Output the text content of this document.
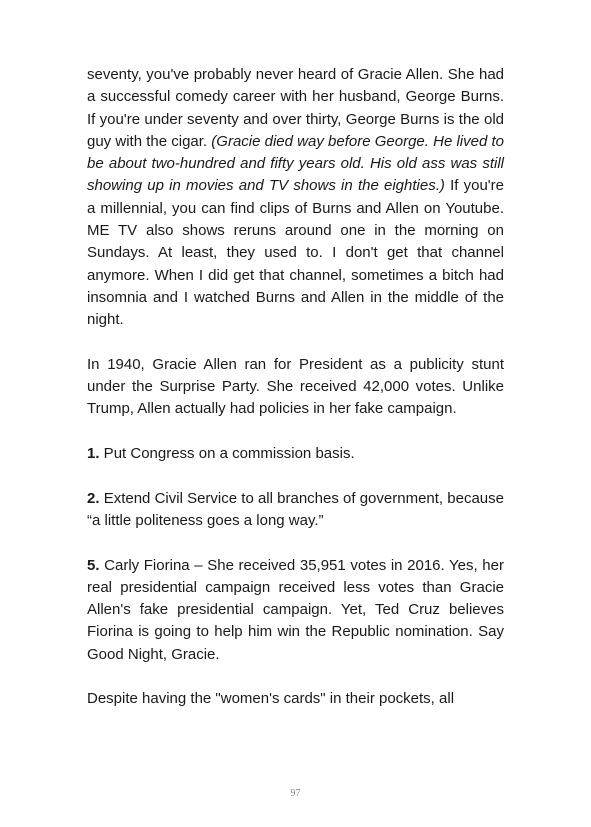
seventy, you've probably never heard of Gracie Allen. She had a successful comedy career with her husband, George Burns. If you're under seventy and over thirty, George Burns is the old guy with the cigar. (Gracie died way before George. He lived to be about two-hundred and fifty years old. His old ass was still showing up in movies and TV shows in the eighties.) If you're a millennial, you can find clips of Burns and Allen on Youtube. ME TV also shows reruns around one in the morning on Sundays. At least, they used to. I don't get that channel anymore. When I did get that channel, sometimes a bitch had insomnia and I watched Burns and Allen in the middle of the night.

In 1940, Gracie Allen ran for President as a publicity stunt under the Surprise Party. She received 42,000 votes. Unlike Trump, Allen actually had policies in her fake campaign.

1. Put Congress on a commission basis.

2. Extend Civil Service to all branches of government, because “a little politeness goes a long way.”

5. Carly Fiorina – She received 35,951 votes in 2016. Yes, her real presidential campaign received less votes than Gracie Allen's fake presidential campaign. Yet, Ted Cruz believes Fiorina is going to help him win the Republic nomination. Say Good Night, Gracie.

Despite having the "women's cards" in their pockets, all

97
